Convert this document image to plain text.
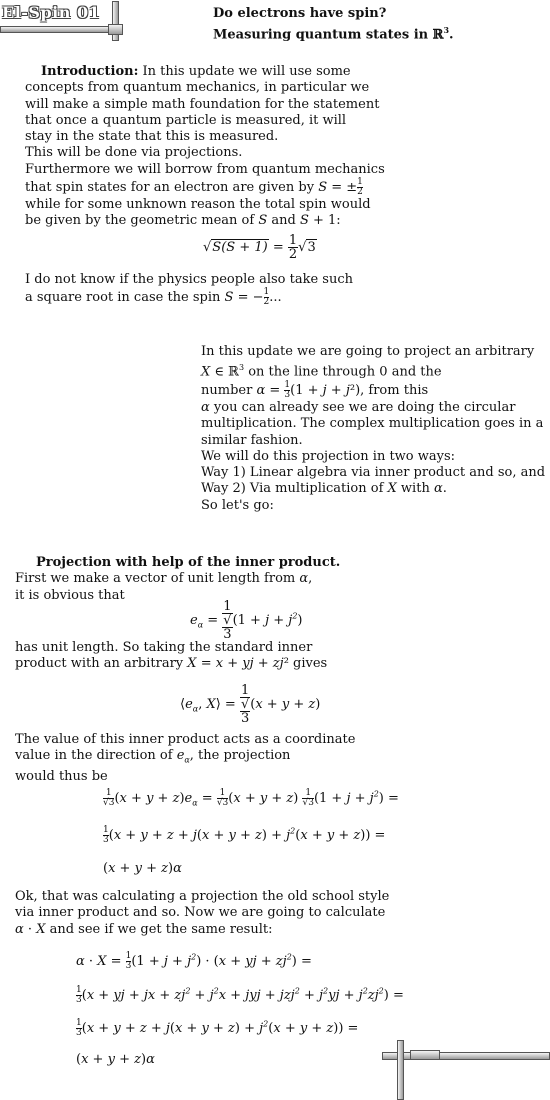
El-Spin 01	Do electrons have spin?
Measuring quantum states in ℝ$^3$.
Introduction: In this update we will use some
concepts from quantum mechanics, in particular we
will make a simple math foundation for the statement
that once a quantum particle is measured, it will
stay in the state that this is measured.
This will be done via projections.
Furthermore we will borrow from quantum mechanics
that spin states for an electron are given by S = ± $\frac{1}{2}$
while for some unknown reason the total spin would
be given by the geometric mean of S and S + 1:
$√S(S + 1) = \frac{1}{2} √3$
I do not know if the physics people also take such
a square root in case the spin S = − $\frac{1}{2}$ ...
In this update we are going to project an arbitrary
X ∈ ℝ$^3$ on the line through 0 and the
number $\alpha = \frac{1}{3} (1 + j + j^2)$, from this
α you can already see we are doing the circular
multiplication. The complex multiplication goes in a
similar fashion.
We will do this projection in two ways:
Way 1) Linear algebra via inner product and so, and
Way 2) Via multiplication of X with α.
So let's go:
Projection with help of the inner product.
First we make a vector of unit length from α,
it is obvious that
$e_\alpha = 1$
√
3 $(1 + j + j^2)$
has unit length. So taking the standard inner
product with an arbitrary X = x + yj + zj² gives
$⟨e_\alpha$, X⟩ = 1
√
3 (x + y + z)
The value of this inner product acts as a coordinate
value in the direction of $e_\alpha$, the projection
would thus be
$\frac{1}{√3} (x + y + z)e_\alpha = \frac{1}{√3} (x + y + z) \frac{1}{√3} (1 + j + j^2)$ =
$\frac{1}{3} (x + y + z + j(x + y + z) + j^2(x + y + z))$ =
(x + y + z)α
Ok, that was calculating a projection the old school style
via inner product and so. Now we are going to calculate
α · X and see if we get the same result:
$\alpha \cdot X = \frac{1}{3} (1 + j + j^2) \cdot (x$ + yj + $zj^2$) =
$\frac{1}{3} (x$ + yj + jx + $zj^2 + j^2x$ + jyj + $jzj^2 + j^2yj + j^2zj^2$) =
$\frac{1}{3} (x + y + z + j(x + y + z) + j^2(x + y + z))$ =
(x + y + z)α
